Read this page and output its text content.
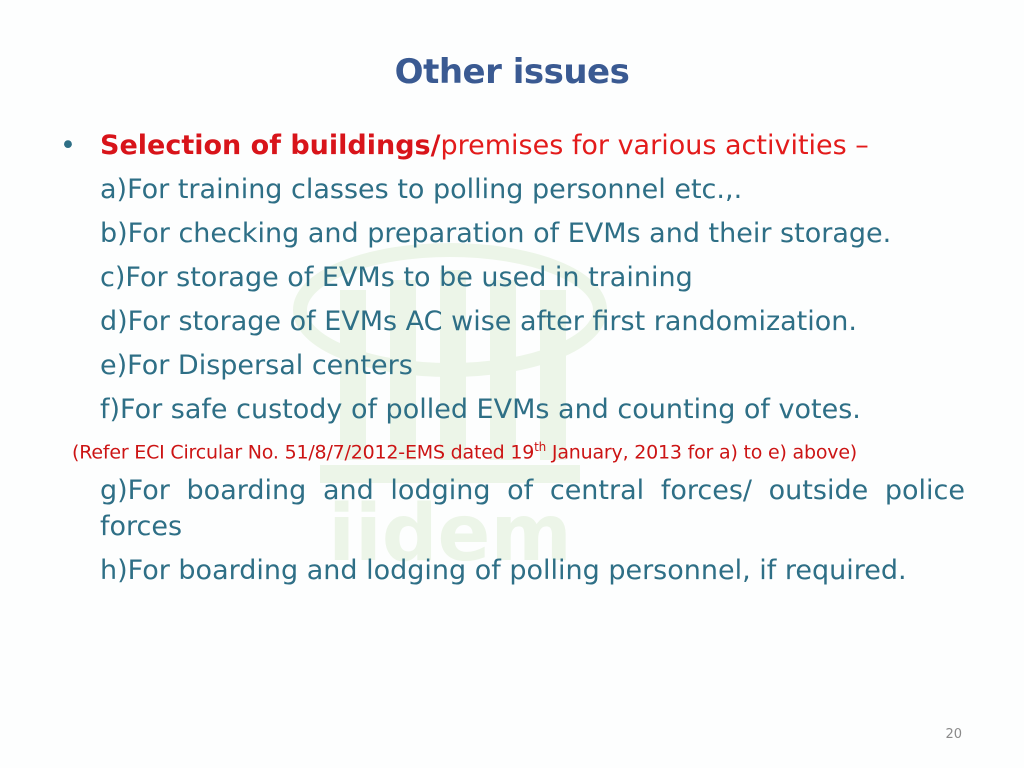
iidem
Other issues
• Selection of buildings/premises for various activities –
a)For training classes to polling personnel etc.,.
b)For checking and preparation of EVMs and their storage.
c)For storage of EVMs to be used in training
d)For storage of EVMs AC wise after first randomization.
e)For Dispersal centers
f)For safe custody of polled EVMs and counting of votes.
(Refer ECI Circular No. 51/8/7/2012-EMS dated 19th January, 2013 for a) to e) above)
g)For boarding and lodging of central forces/ outside police forces
h)For boarding and lodging of polling personnel, if required.
20
